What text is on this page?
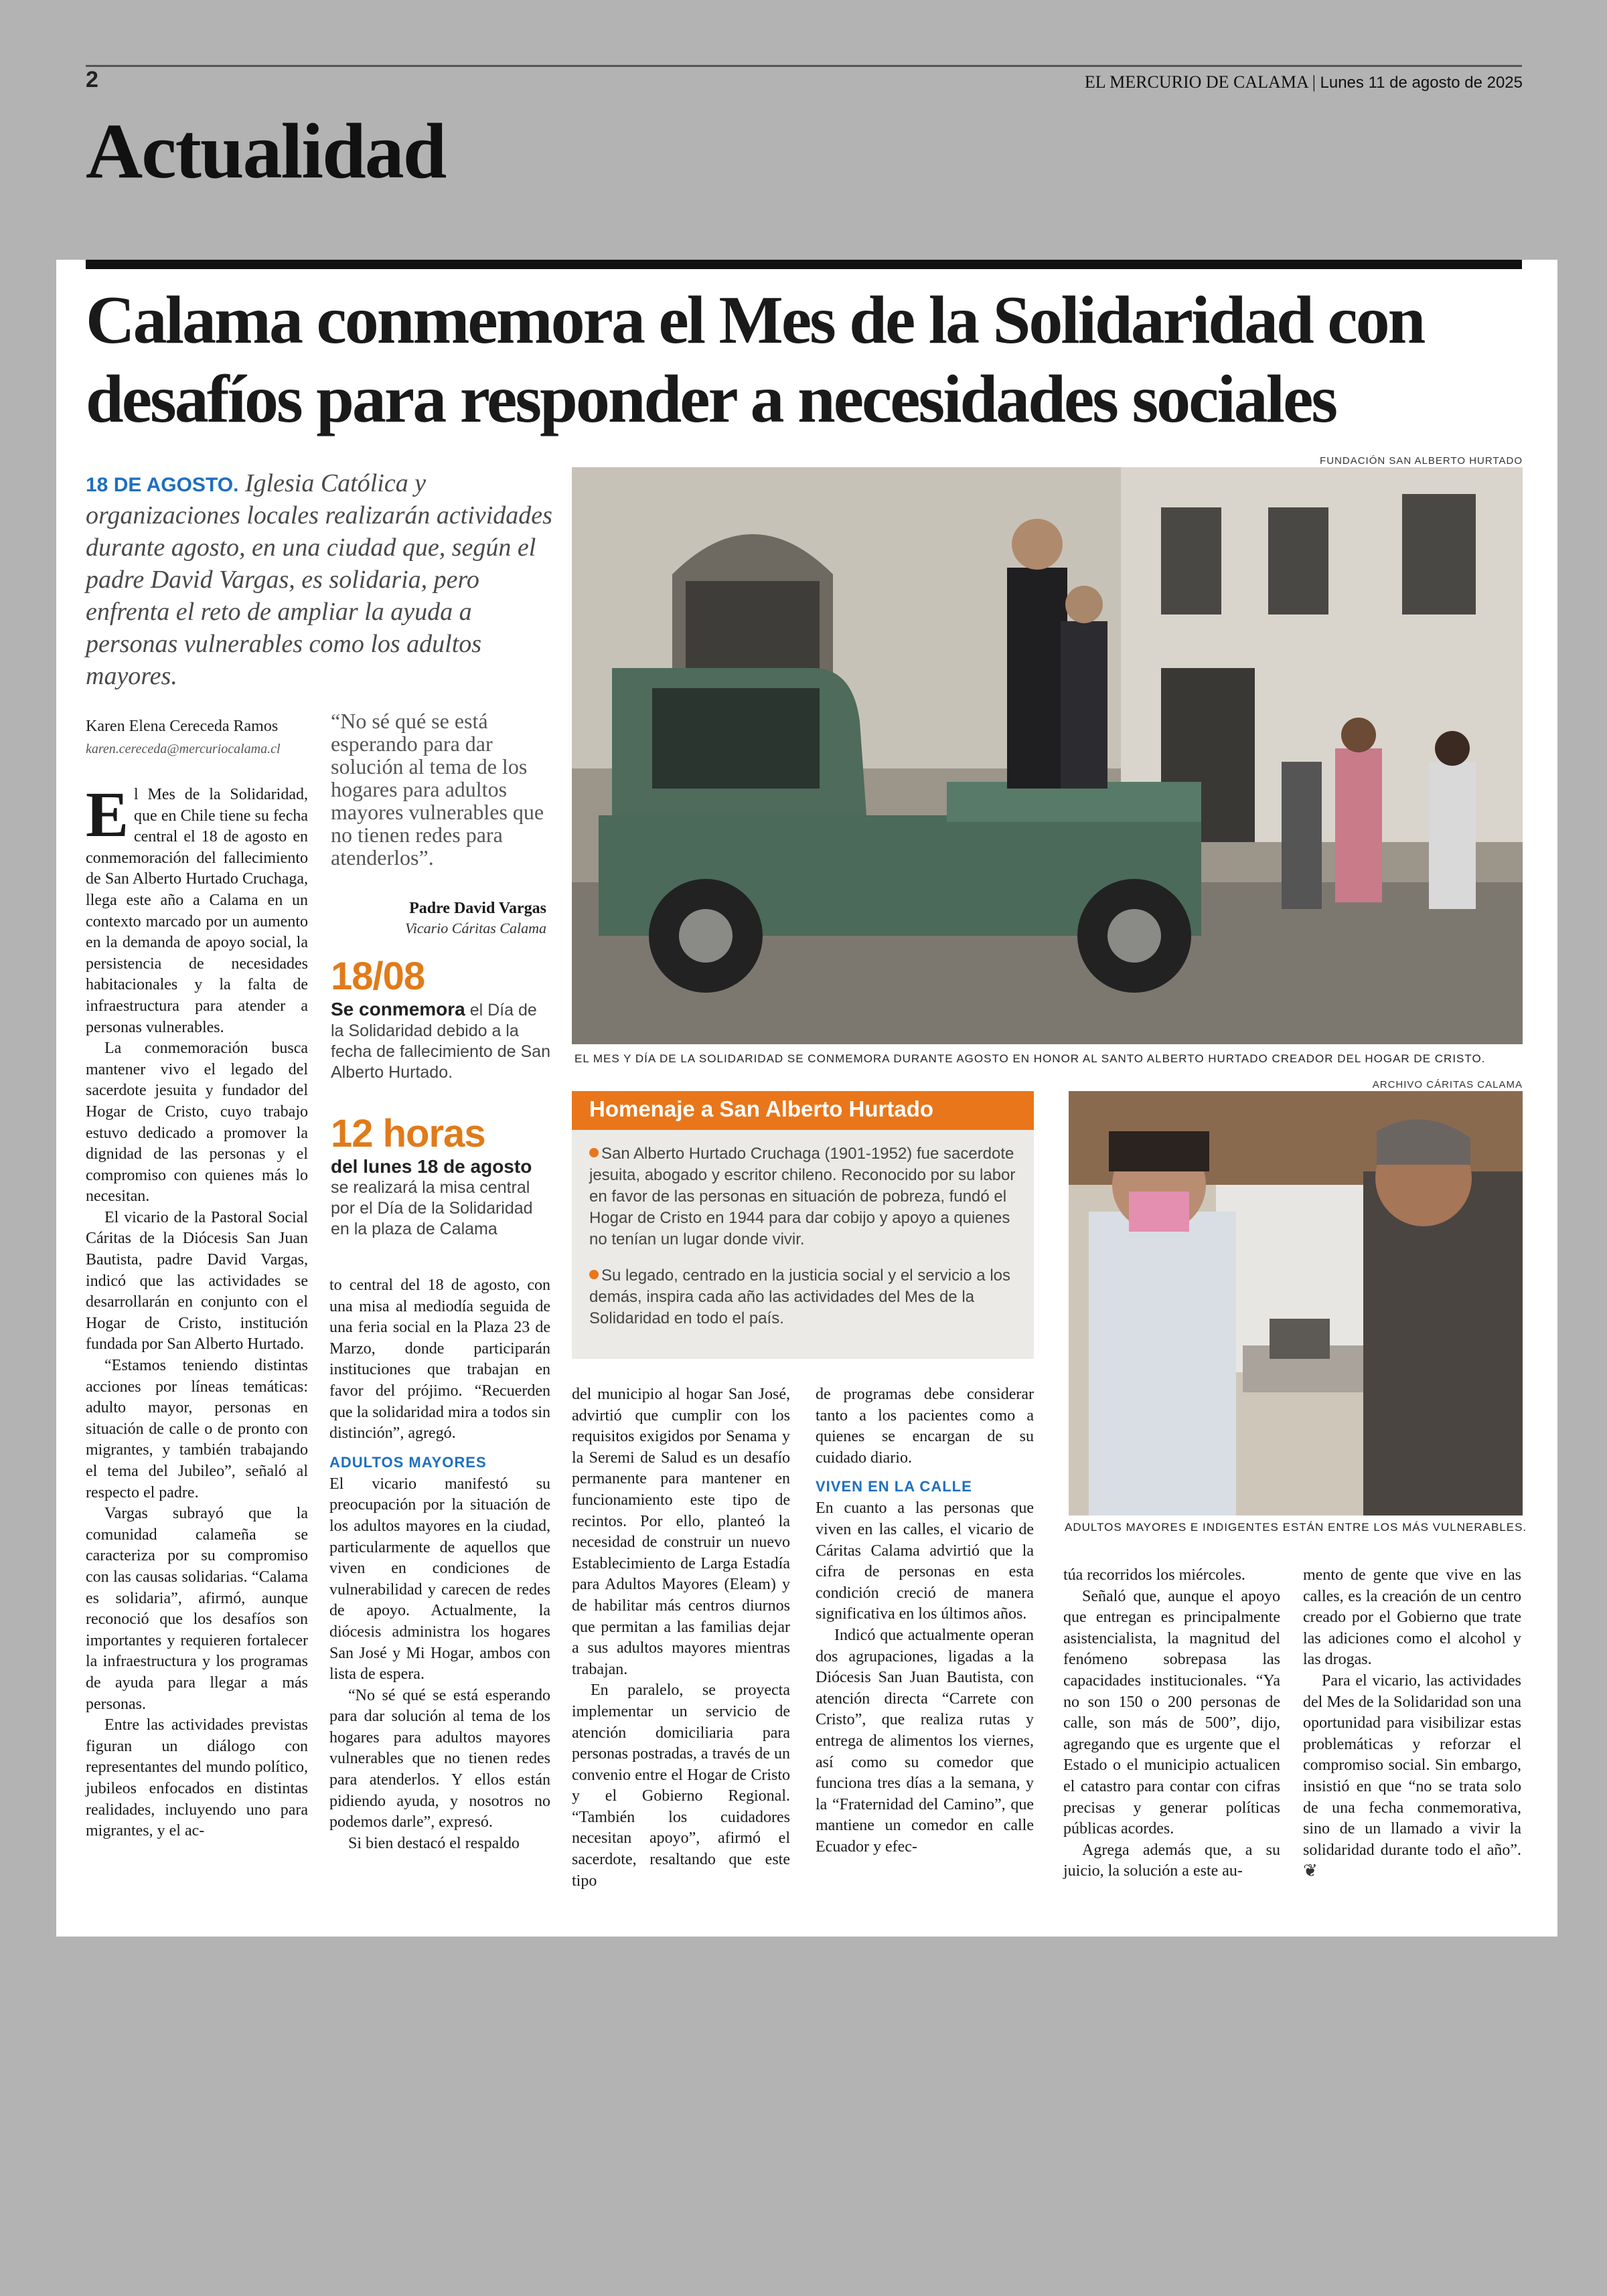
2	EL MERCURIO DE CALAMA | Lunes 11 de agosto de 2025
Actualidad
Calama conmemora el Mes de la Solidaridad con
desafíos para responder a necesidades sociales
18 DE AGOSTO. Iglesia Católica y organizaciones locales realizarán actividades durante agosto, en una ciudad que, según el padre David Vargas, es solidaria, pero enfrenta el reto de ampliar la ayuda a personas vulnerables como los adultos mayores.
Karen Elena Cereceda Ramos
karen.cereceda@mercuriocalama.cl
“No sé qué se está esperando para dar solución al tema de los hogares para adultos mayores vulnerables que no tienen redes para atenderlos”.
Padre David Vargas
Vicario Cáritas Calama
18/08
Se conmemora el Día de la Solidaridad debido a la fecha de fallecimiento de San Alberto Hurtado.
12 horas
del lunes 18 de agosto
se realizará la misa central por el Día de la Solidaridad en la plaza de Calama
FUNDACIÓN SAN ALBERTO HURTADO
EL MES Y DÍA DE LA SOLIDARIDAD SE CONMEMORA DURANTE AGOSTO EN HONOR AL SANTO ALBERTO HURTADO CREADOR DEL HOGAR DE CRISTO.
Homenaje a San Alberto Hurtado

San Alberto Hurtado Cruchaga (1901-1952) fue sacerdote jesuita, abogado y escritor chileno. Reconocido por su labor en favor de las personas en situación de pobreza, fundó el Hogar de Cristo en 1944 para dar cobijo y apoyo a quienes no tenían un lugar donde vivir.

Su legado, centrado en la justicia social y el servicio a los demás, inspira cada año las actividades del Mes de la Solidaridad en todo el país.

ARCHIVO CÁRITAS CALAMA
ADULTOS MAYORES E INDIGENTES ESTÁN ENTRE LOS MÁS VULNERABLES.

El Mes de la Solidaridad, que en Chile tiene su fecha central el 18 de agosto en conmemoración del fallecimiento de San Alberto Hurtado Cruchaga, llega este año a Calama en un contexto marcado por un aumento en la demanda de apoyo social, la persistencia de necesidades habitacionales y la falta de infraestructura para atender a personas vulnerables.

La conmemoración busca mantener vivo el legado del sacerdote jesuita y fundador del Hogar de Cristo, cuyo trabajo estuvo dedicado a promover la dignidad de las personas y el compromiso con quienes más lo necesitan.

El vicario de la Pastoral Social Cáritas de la Diócesis San Juan Bautista, padre David Vargas, indicó que las actividades se desarrollarán en conjunto con el Hogar de Cristo, institución fundada por San Alberto Hurtado.

“Estamos teniendo distintas acciones por líneas temáticas: adulto mayor, personas en situación de calle o de pronto con migrantes, y también trabajando el tema del Jubileo”, señaló al respecto el padre.

Vargas subrayó que la comunidad calameña se caracteriza por su compromiso con las causas solidarias. “Calama es solidaria”, afirmó, aunque reconoció que los desafíos son importantes y requieren fortalecer la infraestructura y los programas de ayuda para llegar a más personas.

Entre las actividades previstas figuran un diálogo con representantes del mundo político, jubileos enfocados en distintas realidades, incluyendo uno para migrantes, y el ac-

to central del 18 de agosto, con una misa al mediodía seguida de una feria social en la Plaza 23 de Marzo, donde participarán instituciones que trabajan en favor del prójimo. “Recuerden que la solidaridad mira a todos sin distinción”, agregó.

ADULTOS MAYORES

El vicario manifestó su preocupación por la situación de los adultos mayores en la ciudad, particularmente de aquellos que viven en condiciones de vulnerabilidad y carecen de redes de apoyo. Actualmente, la diócesis administra los hogares San José y Mi Hogar, ambos con lista de espera.

“No sé qué se está esperando para dar solución al tema de los hogares para adultos mayores vulnerables que no tienen redes para atenderlos. Y ellos están pidiendo ayuda, y nosotros no podemos darle”, expresó.

Si bien destacó el respaldo

del municipio al hogar San José, advirtió que cumplir con los requisitos exigidos por Senama y la Seremi de Salud es un desafío permanente para mantener en funcionamiento este tipo de recintos. Por ello, planteó la necesidad de construir un nuevo Establecimiento de Larga Estadía para Adultos Mayores (Eleam) y de habilitar más centros diurnos que permitan a las familias dejar a sus adultos mayores mientras trabajan.

En paralelo, se proyecta implementar un servicio de atención domiciliaria para personas postradas, a través de un convenio entre el Hogar de Cristo y el Gobierno Regional. “También los cuidadores necesitan apoyo”, afirmó el sacerdote, resaltando que este tipo

de programas debe considerar tanto a los pacientes como a quienes se encargan de su cuidado diario.

VIVEN EN LA CALLE

En cuanto a las personas que viven en las calles, el vicario de Cáritas Calama advirtió que la cifra de personas en esta condición creció de manera significativa en los últimos años.

Indicó que actualmente operan dos agrupaciones, ligadas a la Diócesis San Juan Bautista, con atención directa “Carrete con Cristo”, que realiza rutas y entrega de alimentos los viernes, así como su comedor que funciona tres días a la semana, y la “Fraternidad del Camino”, que mantiene un comedor en calle Ecuador y efec-

túa recorridos los miércoles.

Señaló que, aunque el apoyo que entregan es principalmente asistencialista, la magnitud del fenómeno sobrepasa las capacidades institucionales. “Ya no son 150 o 200 personas de calle, son más de 500”, dijo, agregando que es urgente que el Estado o el municipio actualicen el catastro para contar con cifras precisas y generar políticas públicas acordes.

Agrega además que, a su juicio, la solución a este au-

mento de gente que vive en las calles, es la creación de un centro creado por el Gobierno que trate las adiciones como el alcohol y las drogas.

Para el vicario, las actividades del Mes de la Solidaridad son una oportunidad para visibilizar estas problemáticas y reforzar el compromiso social. Sin embargo, insistió en que “no se trata solo de una fecha conmemorativa, sino de un llamado a vivir la solidaridad durante todo el año”. ❦
